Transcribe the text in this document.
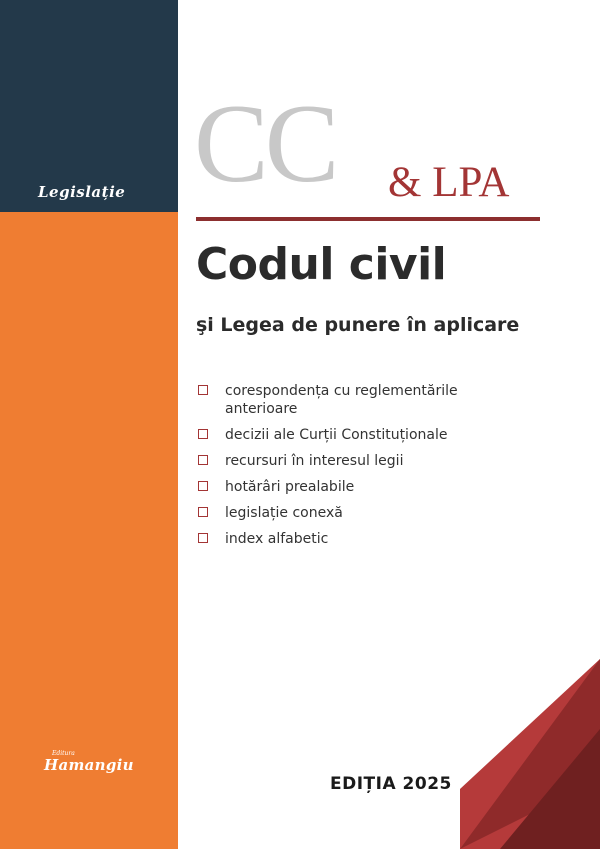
Legislație
Editura
Hamangiu
CC & LPA
Codul civil
şi Legea de punere în aplicare
corespondența cu reglementările anterioare
decizii ale Curții Constituționale
recursuri în interesul legii
hotărâri prealabile
legislație conexă
index alfabetic
EDIȚIA 2025
